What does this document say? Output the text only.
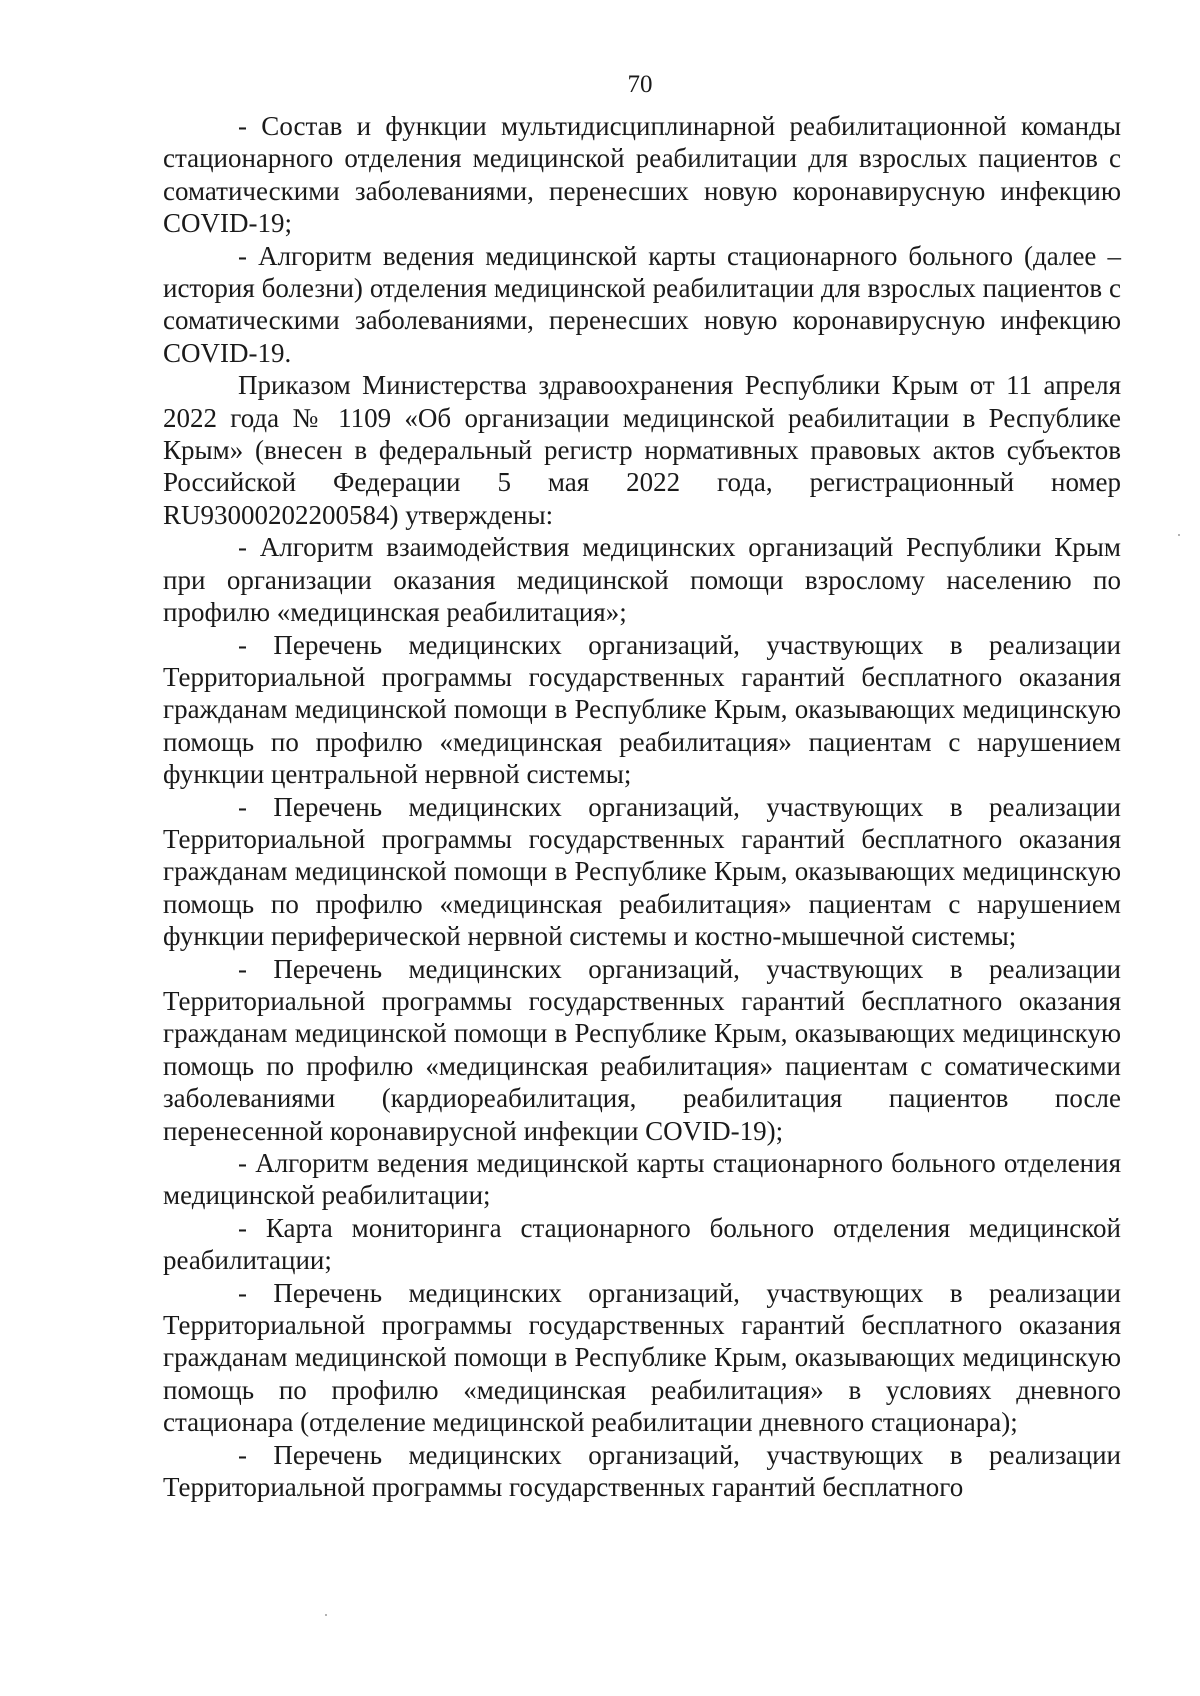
70

- Состав и функции мультидисциплинарной реабилитационной команды стационарного отделения медицинской реабилитации для взрослых пациентов с соматическими заболеваниями, перенесших новую коронавирусную инфекцию COVID-19;

- Алгоритм ведения медицинской карты стационарного больного (далее – история болезни) отделения медицинской реабилитации для взрослых пациентов с соматическими заболеваниями, перенесших новую коронавирусную инфекцию COVID-19.

Приказом Министерства здравоохранения Республики Крым от 11 апреля 2022 года № 1109 «Об организации медицинской реабилитации в Республике Крым» (внесен в федеральный регистр нормативных правовых актов субъектов Российской Федерации 5 мая 2022 года, регистрационный номер RU93000202200584) утверждены:

- Алгоритм взаимодействия медицинских организаций Республики Крым при организации оказания медицинской помощи взрослому населению по профилю «медицинская реабилитация»;

- Перечень медицинских организаций, участвующих в реализации Территориальной программы государственных гарантий бесплатного оказания гражданам медицинской помощи в Республике Крым, оказывающих медицинскую помощь по профилю «медицинская реабилитация» пациентам с нарушением функции центральной нервной системы;

- Перечень медицинских организаций, участвующих в реализации Территориальной программы государственных гарантий бесплатного оказания гражданам медицинской помощи в Республике Крым, оказывающих медицинскую помощь по профилю «медицинская реабилитация» пациентам с нарушением функции периферической нервной системы и костно-мышечной системы;

- Перечень медицинских организаций, участвующих в реализации Территориальной программы государственных гарантий бесплатного оказания гражданам медицинской помощи в Республике Крым, оказывающих медицинскую помощь по профилю «медицинская реабилитация» пациентам с соматическими заболеваниями (кардиореабилитация, реабилитация пациентов после перенесенной коронавирусной инфекции COVID-19);

- Алгоритм ведения медицинской карты стационарного больного отделения медицинской реабилитации;

- Карта мониторинга стационарного больного отделения медицинской реабилитации;

- Перечень медицинских организаций, участвующих в реализации Территориальной программы государственных гарантий бесплатного оказания гражданам медицинской помощи в Республике Крым, оказывающих медицинскую помощь по профилю «медицинская реабилитация» в условиях дневного стационара (отделение медицинской реабилитации дневного стационара);

- Перечень медицинских организаций, участвующих в реализации Территориальной программы государственных гарантий бесплатного
